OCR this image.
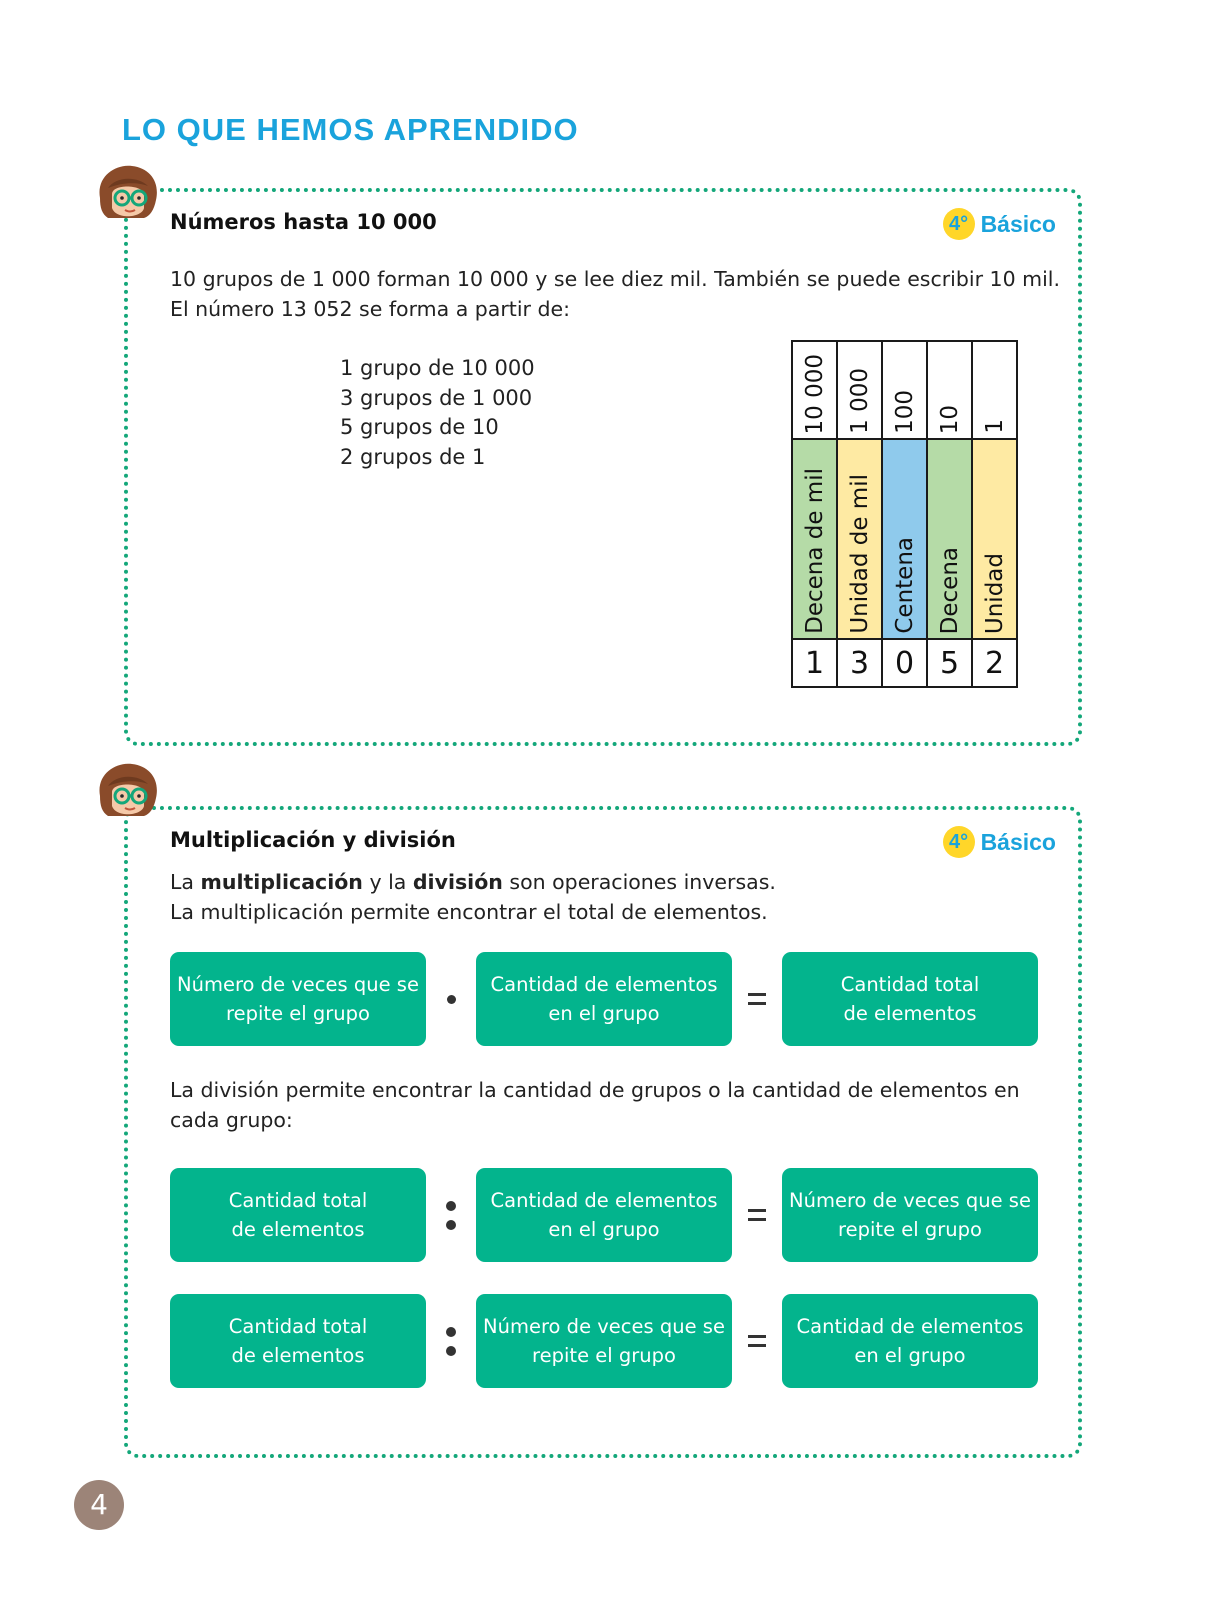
LO QUE HEMOS APRENDIDO
Números hasta 10 000	4° Básico

10 grupos de 1 000 forman 10 000 y se lee diez mil. También se puede escribir 10 mil.
El número 13 052 se forma a partir de:

1 grupo de 10 000
3 grupos de 1 000
5 grupos de 10
2 grupos de 1
10 000	1 000	100	10	1
Decena de mil	Unidad de mil	Centena	Decena	Unidad
1	3	0	5	2
Multiplicación y división	4° Básico

La multiplicación y la división son operaciones inversas.
La multiplicación permite encontrar el total de elementos.

Número de veces que se
repite el grupo
Cantidad de elementos
en el grupo
Cantidad total
de elementos

La división permite encontrar la cantidad de grupos o la cantidad de elementos en
cada grupo:

Cantidad total
de elementos
Cantidad de elementos
en el grupo
Número de veces que se
repite el grupo
Cantidad total
de elementos
Número de veces que se
repite el grupo
Cantidad de elementos
en el grupo
4
